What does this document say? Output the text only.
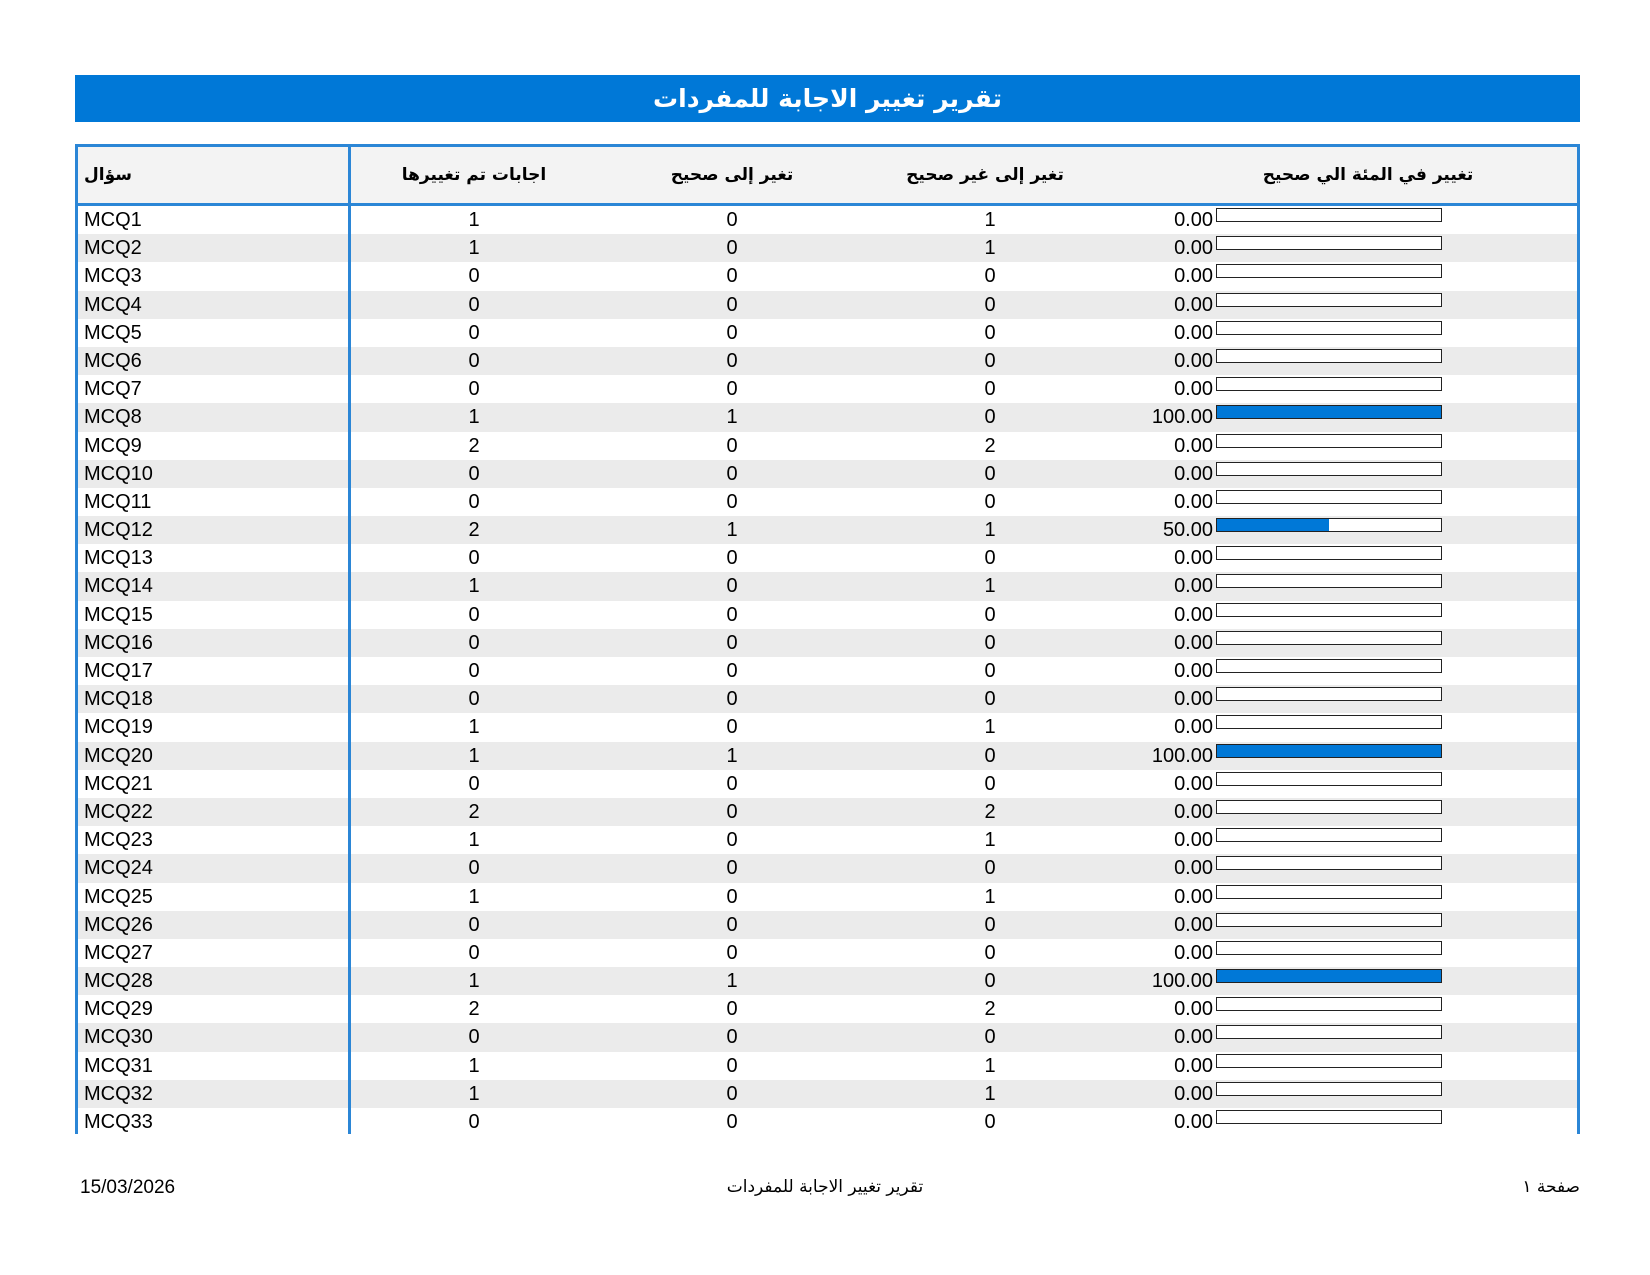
تقرير تغيير الاجابة للمفردات
سؤال	اجابات تم تغييرها	تغير إلى صحيح	تغير إلى غير صحيح	تغيير في المئة الي صحيح
MCQ1	1	0	1	0.00
MCQ2	1	0	1	0.00
MCQ3	0	0	0	0.00
MCQ4	0	0	0	0.00
MCQ5	0	0	0	0.00
MCQ6	0	0	0	0.00
MCQ7	0	0	0	0.00
MCQ8	1	1	0	100.00
MCQ9	2	0	2	0.00
MCQ10	0	0	0	0.00
MCQ11	0	0	0	0.00
MCQ12	2	1	1	50.00
MCQ13	0	0	0	0.00
MCQ14	1	0	1	0.00
MCQ15	0	0	0	0.00
MCQ16	0	0	0	0.00
MCQ17	0	0	0	0.00
MCQ18	0	0	0	0.00
MCQ19	1	0	1	0.00
MCQ20	1	1	0	100.00
MCQ21	0	0	0	0.00
MCQ22	2	0	2	0.00
MCQ23	1	0	1	0.00
MCQ24	0	0	0	0.00
MCQ25	1	0	1	0.00
MCQ26	0	0	0	0.00
MCQ27	0	0	0	0.00
MCQ28	1	1	0	100.00
MCQ29	2	0	2	0.00
MCQ30	0	0	0	0.00
MCQ31	1	0	1	0.00
MCQ32	1	0	1	0.00
MCQ33	0	0	0	0.00
15/03/2026	تقرير تغيير الاجابة للمفردات	صفحة ١
